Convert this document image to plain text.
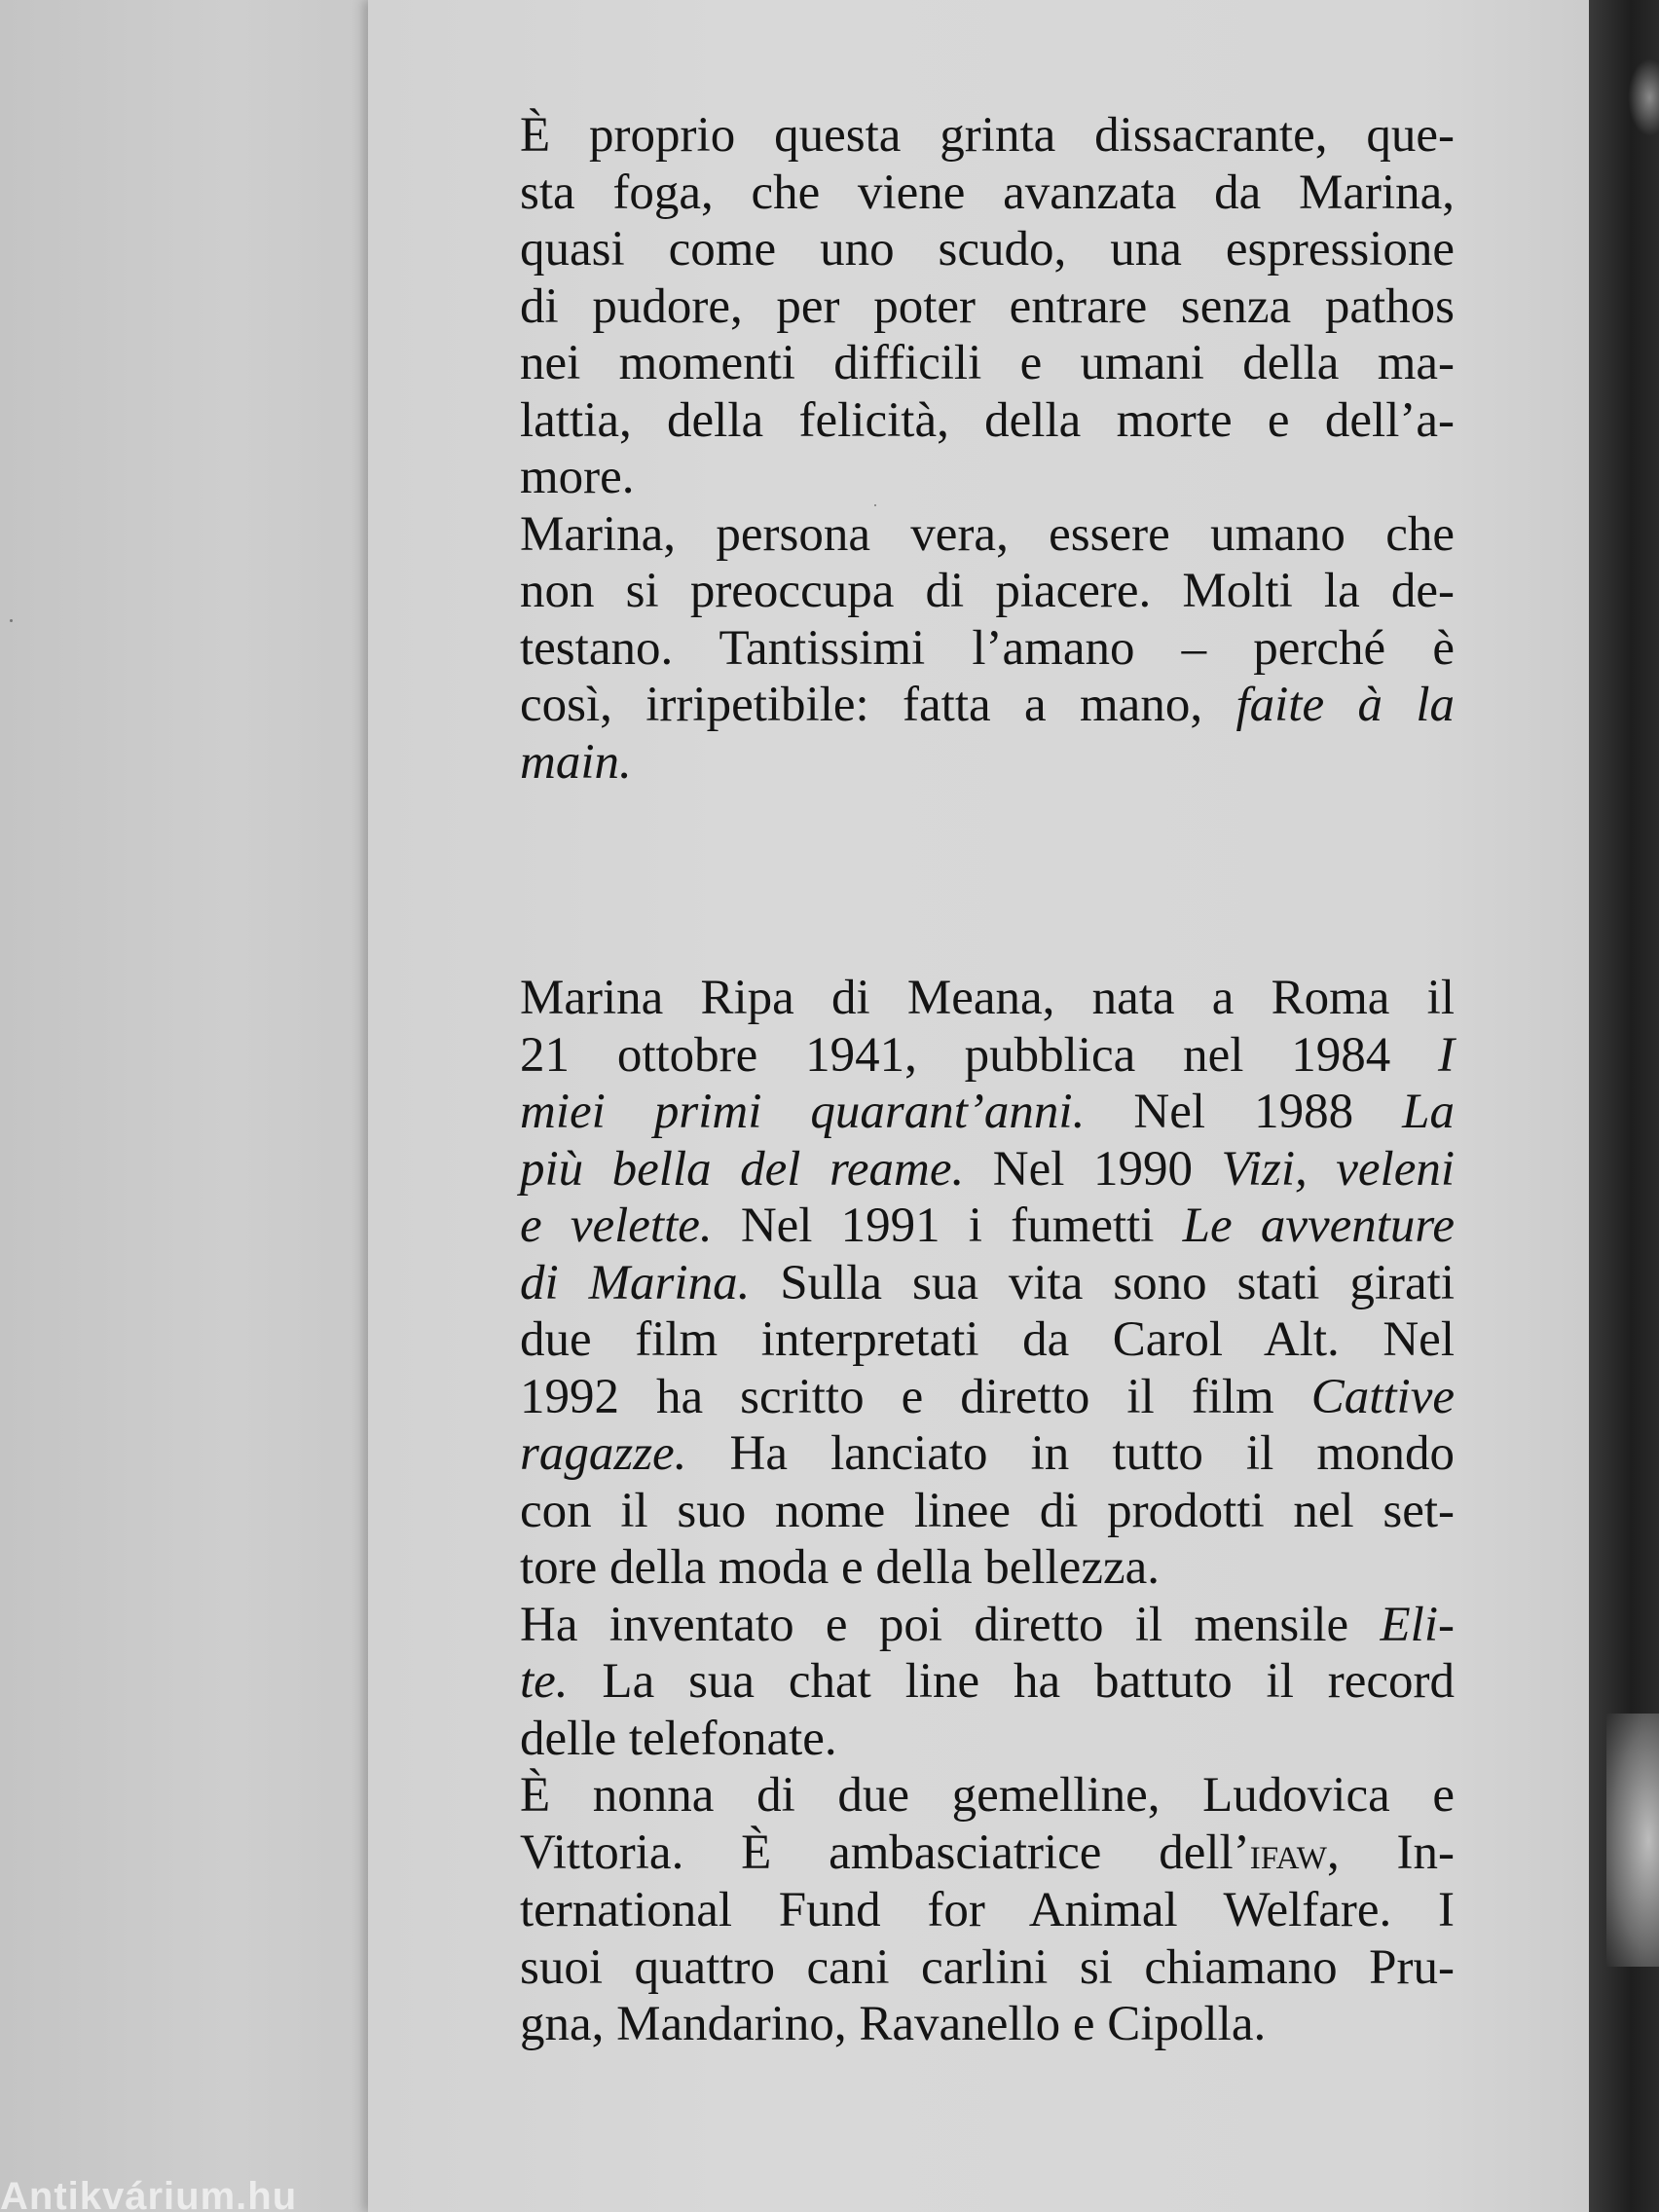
È proprio questa grinta dissacrante, que-
sta foga, che viene avanzata da Marina,
quasi come uno scudo, una espressione
di pudore, per poter entrare senza pathos
nei momenti difficili e umani della ma-
lattia, della felicità, della morte e dell’a-
more.

Marina, persona vera, essere umano che
non si preoccupa di piacere. Molti la de-
testano. Tantissimi l’amano – perché è
così, irripetibile: fatta a mano, faite à la
main.

Marina Ripa di Meana, nata a Roma il
21 ottobre 1941, pubblica nel 1984 I
miei primi quarant’anni. Nel 1988 La
più bella del reame. Nel 1990 Vizi, veleni
e velette. Nel 1991 i fumetti Le avventure
di Marina. Sulla sua vita sono stati girati
due film interpretati da Carol Alt. Nel
1992 ha scritto e diretto il film Cattive
ragazze. Ha lanciato in tutto il mondo
con il suo nome linee di prodotti nel set-
tore della moda e della bellezza.

Ha inventato e poi diretto il mensile Eli-
te. La sua chat line ha battuto il record
delle telefonate.

È nonna di due gemelline, Ludovica e
Vittoria. È ambasciatrice dell’ifaw, In-
ternational Fund for Animal Welfare. I
suoi quattro cani carlini si chiamano Pru-
gna, Mandarino, Ravanello e Cipolla.

Antikvárium.hu
